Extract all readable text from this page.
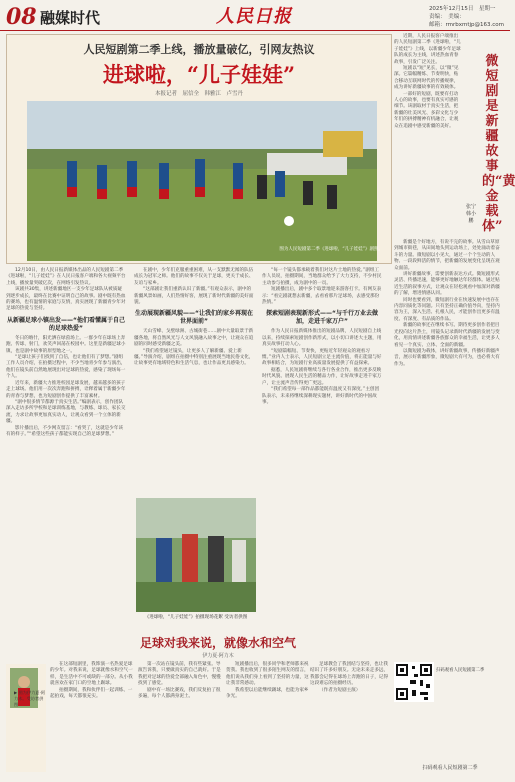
08 融媒时代	人民日报	2025年12月15日　星期一
责编：　美编：
邮箱：rmrbxmtjp@163.com
人民短剧第二季上线，播放量破亿，引网友热议
进球啦，“儿子娃娃”
本报记者　屈信全　韩雅江　卢雪丹
图为人民短剧第二季《进球啦，“儿子娃娃”》剧照。

12月10日，由人民日报新媒体出品的人民短剧第二季《进球啦，“儿子娃娃”》在人民日报客户端和各大视频平台上线，播放量突破亿次，在网络引发热议。

该剧共30集，讲述新疆地区一支少年足球队从被质疑到逐步成长，最终在比赛中证明自己的故事。剧中既有热血的赛场，也有温情的家庭与友情，真实展现了新疆青少年对足球的热爱与坚持。

从新疆足球小镇出发——“他们看懂属于自己的足球热爱”

冬日的喀什，阳光洒在绿茵场上。一群少年在球场上奔跑、传球、射门，欢笑声回荡在校园中。这里是新疆足球小镇，也是剧中故事的原型地之一。

“足球让孩子们找到了自信，也让他们有了梦想。”剧组工作人员介绍，在拍摄过程中，不少当地青少年参与演出，他们在镜头前自然地展现出对足球的热爱，感染了现场每一个人。

近年来，新疆大力推进校园足球发展，越来越多的孩子走上球场。他们用一次次奔跑和拼搏，诠释着属于新疆少年的青春与梦想，也为短剧创作提供了丰富素材。

“剧中很多情节都源于真实生活。”编剧表示，创作团队深入走访多所学校和足球训练基地，与教练、球员、家长交流，力求让故事更加真实动人，让观众看到一个立体的新疆。

影片播出后，不少网友留言：“看哭了，这就是少年该有的样子。”“希望这些孩子都能实现自己的足球梦想。”

在剧中，少年们克服重重困难，从一支默默无闻的队伍成长为冠军之师。他们的故事不仅关于足球，更关于成长、友谊与家乡。

“这部剧让我们重新认识了新疆。”有观众表示，剧中的新疆风景如画，人们热情好客，展现了新时代新疆的美好面貌。

生动展现新疆风貌——“让我们的家乡再现在世界面前”

天山雪峰、戈壁绿洲、古城街巷……剧中大量取景于新疆各地，将自然风光与人文风貌融入故事之中，让观众在追剧的同时感受新疆之美。

“我们希望通过镜头，让更多人了解新疆、爱上新疆。”导演介绍，剧组在拍摄中特别注重展现当地民俗文化，让故事更有地域特色和生活气息，也让作品更具感染力。

《进球啦，“儿子娃娃”》拍摄现场花絮 受访者供图

“每一个镜头都承载着我们对这片土地的热爱。”剧组工作人员说，拍摄期间，当地群众给予了大力支持，不少村民主动参与拍摄，成为剧中的一员。

短剧播出后，剧中多个取景地迎来游客打卡。有网友表示：“看完剧就想去新疆，去看看那片足球场，去感受那份热情。”

探索短剧表现新形式——“与千行万业去做加，走进千家万户”

作为人民日报新媒体推出的短剧品牌，人民短剧自上线以来，持续探索短剧创作新形式，以小切口讲述大主题，用真实故事打动人心。

“短剧篇幅短、节奏快，更贴近年轻观众的观看习惯。”业内人士表示，人民短剧立足主流价值，将正能量与好故事相结合，为短剧行业高质量发展提供了有益探索。

据悉，人民短剧将继续与各行各业合作，推出更多反映时代风貌、展现人民生活的精品力作，让好故事走进千家万户，让主流声音传得更广更远。

“我们希望每一部作品都能既有温度又有深度。”主创团队表示，未来将继续深耕现实题材，讲好新时代的中国故事。

足球对我来说，就像水和空气
伊力夏·阿力木
▶ 图为伊力夏·阿力木。受访者供图

在这部短剧里，我饰演一名热爱足球的少年。对我来说，足球就像水和空气一样，是生活中不可或缺的一部分。从小我就喜欢在家门口的空地上踢球。

拍摄期间，我和伙伴们一起训练、一起拍戏，每天都很充实。

第一次站在镜头前，我有些紧张。导演告诉我，只要做真实的自己就好。于是我把对足球的热爱全部融入角色中，慢慢找到了感觉。

剧中有一场比赛戏，我们反复拍了很多遍，每个人都满身泥土。

短剧播出后，很多同学和老师都来祝贺我。我也收到了很多陌生网友的留言，他们说从我们身上看到了坚持的力量，这让我非常感动。

我希望以后能继续踢球，也能为家乡争光。

足球教会了我团结与坚持，也让我结识了许多好朋友。无论未来走多远，我都会记得在球场上奔跑的日子，记得这段难忘的拍摄经历。

（作者为短剧主演）

微短剧是新疆故事的“黄金载体”
张宁　韩小鹏

近期，人民日报客户端推出的人民短剧第二季《进球啦，“儿子娃娃”》上线，以新疆少年足球队的成长为主线，讲述热血青春故事，引发广泛关注。

短剧以“短”见长，以“微”见深。它篇幅精炼、节奏明快，贴合移动互联网时代的传播规律，成为讲好新疆故事的有效载体。

一部好的短剧，既要有打动人心的故事，也要有真实可感的细节。该剧取材于真实生活，把新疆的壮美风光、多彩文化与少年们的拼搏精神有机融合，让观众在追剧中感受新疆的美好。

新疆是个好地方，有说不完的故事。从雪山草原到城市街巷，从田间地头到运动场上，处处涌动着奋斗的力量。微短剧以小见大，通过一个个生动的人物、一段段鲜活的情节，把新疆的发展变化呈现在观众面前。

讲好新疆故事，需要创新表达方式。微短剧形式灵活、传播迅速，能够更好地触达年轻群体。通过贴近生活的叙事方式，让观众在轻松观看中加深对新疆的了解，增进情感认同。

同时也要看到，微短剧行业在快速发展中也存在内容同质化等问题。只有坚持正确价值导向，坚持内容为王，深入生活、扎根人民，才能创作出更多有温度、有深度、有品质的作品。

新疆的故事还在继续书写。期待更多创作者把目光投向这片热土，用镜头记录新时代新疆的发展与变化，用真情讲述新疆各族群众的幸福生活，让更多人看见一个真实、立体、全面的新疆。

以微短剧为载体，讲好新疆故事，传播好新疆声音，展示好新疆形象，微短剧大有可为，也必将大有作为。

扫码观看人民短剧第二季
扫码观看人民短剧第二季
